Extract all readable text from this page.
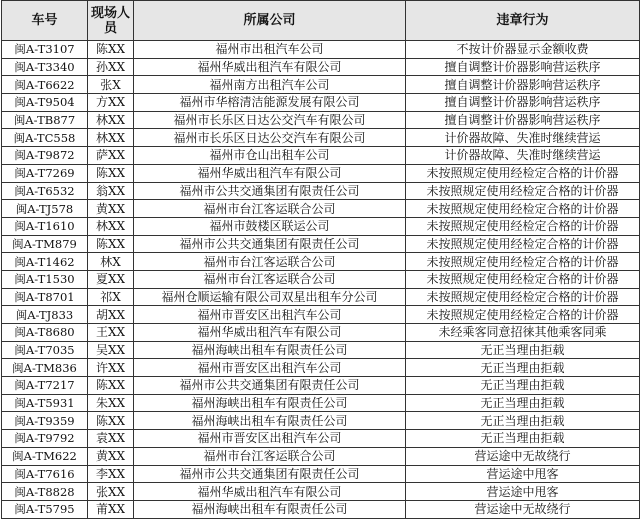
车号	现场人员	所属公司	违章行为
闽A-T3107	陈XX	福州市出租汽车公司	不按计价器显示金额收费
闽A-T3340	孙XX	福州华威出租汽车有限公司	擅自调整计价器影响营运秩序
闽A-T6622	张X	福州南方出租汽车公司	擅自调整计价器影响营运秩序
闽A-T9504	方XX	福州市华榕清洁能源发展有限公司	擅自调整计价器影响营运秩序
闽A-TB877	林XX	福州市长乐区日达公交汽车有限公司	擅自调整计价器影响营运秩序
闽A-TC558	林XX	福州市长乐区日达公交汽车有限公司	计价器故障、失准时继续营运
闽A-T9872	萨XX	福州市仓山出租车公司	计价器故障、失准时继续营运
闽A-T7269	陈XX	福州华威出租汽车有限公司	未按照规定使用经检定合格的计价器
闽A-T6532	翁XX	福州市公共交通集团有限责任公司	未按照规定使用经检定合格的计价器
闽A-TJ578	黄XX	福州市台江客运联合公司	未按照规定使用经检定合格的计价器
闽A-T1610	林XX	福州市鼓楼区联运公司	未按照规定使用经检定合格的计价器
闽A-TM879	陈XX	福州市公共交通集团有限责任公司	未按照规定使用经检定合格的计价器
闽A-T1462	林X	福州市台江客运联合公司	未按照规定使用经检定合格的计价器
闽A-T1530	夏XX	福州市台江客运联合公司	未按照规定使用经检定合格的计价器
闽A-T8701	祁X	福州仓顺运输有限公司双星出租车分公司	未按照规定使用经检定合格的计价器
闽A-TJ833	胡XX	福州市晋安区出租汽车公司	未按照规定使用经检定合格的计价器
闽A-T8680	王XX	福州华威出租汽车有限公司	未经乘客同意招徕其他乘客同乘
闽A-T7035	吴XX	福州海峡出租车有限责任公司	无正当理由拒载
闽A-TM836	许XX	福州市晋安区出租汽车公司	无正当理由拒载
闽A-T7217	陈XX	福州市公共交通集团有限责任公司	无正当理由拒载
闽A-T5931	朱XX	福州海峡出租车有限责任公司	无正当理由拒载
闽A-T9359	陈XX	福州海峡出租车有限责任公司	无正当理由拒载
闽A-T9792	袁XX	福州市晋安区出租汽车公司	无正当理由拒载
闽A-TM622	黄XX	福州市台江客运联合公司	营运途中无故绕行
闽A-T7616	李XX	福州市公共交通集团有限责任公司	营运途中甩客
闽A-T8828	张XX	福州华威出租汽车有限公司	营运途中甩客
闽A-T5795	莆XX	福州海峡出租车有限责任公司	营运途中无故绕行
